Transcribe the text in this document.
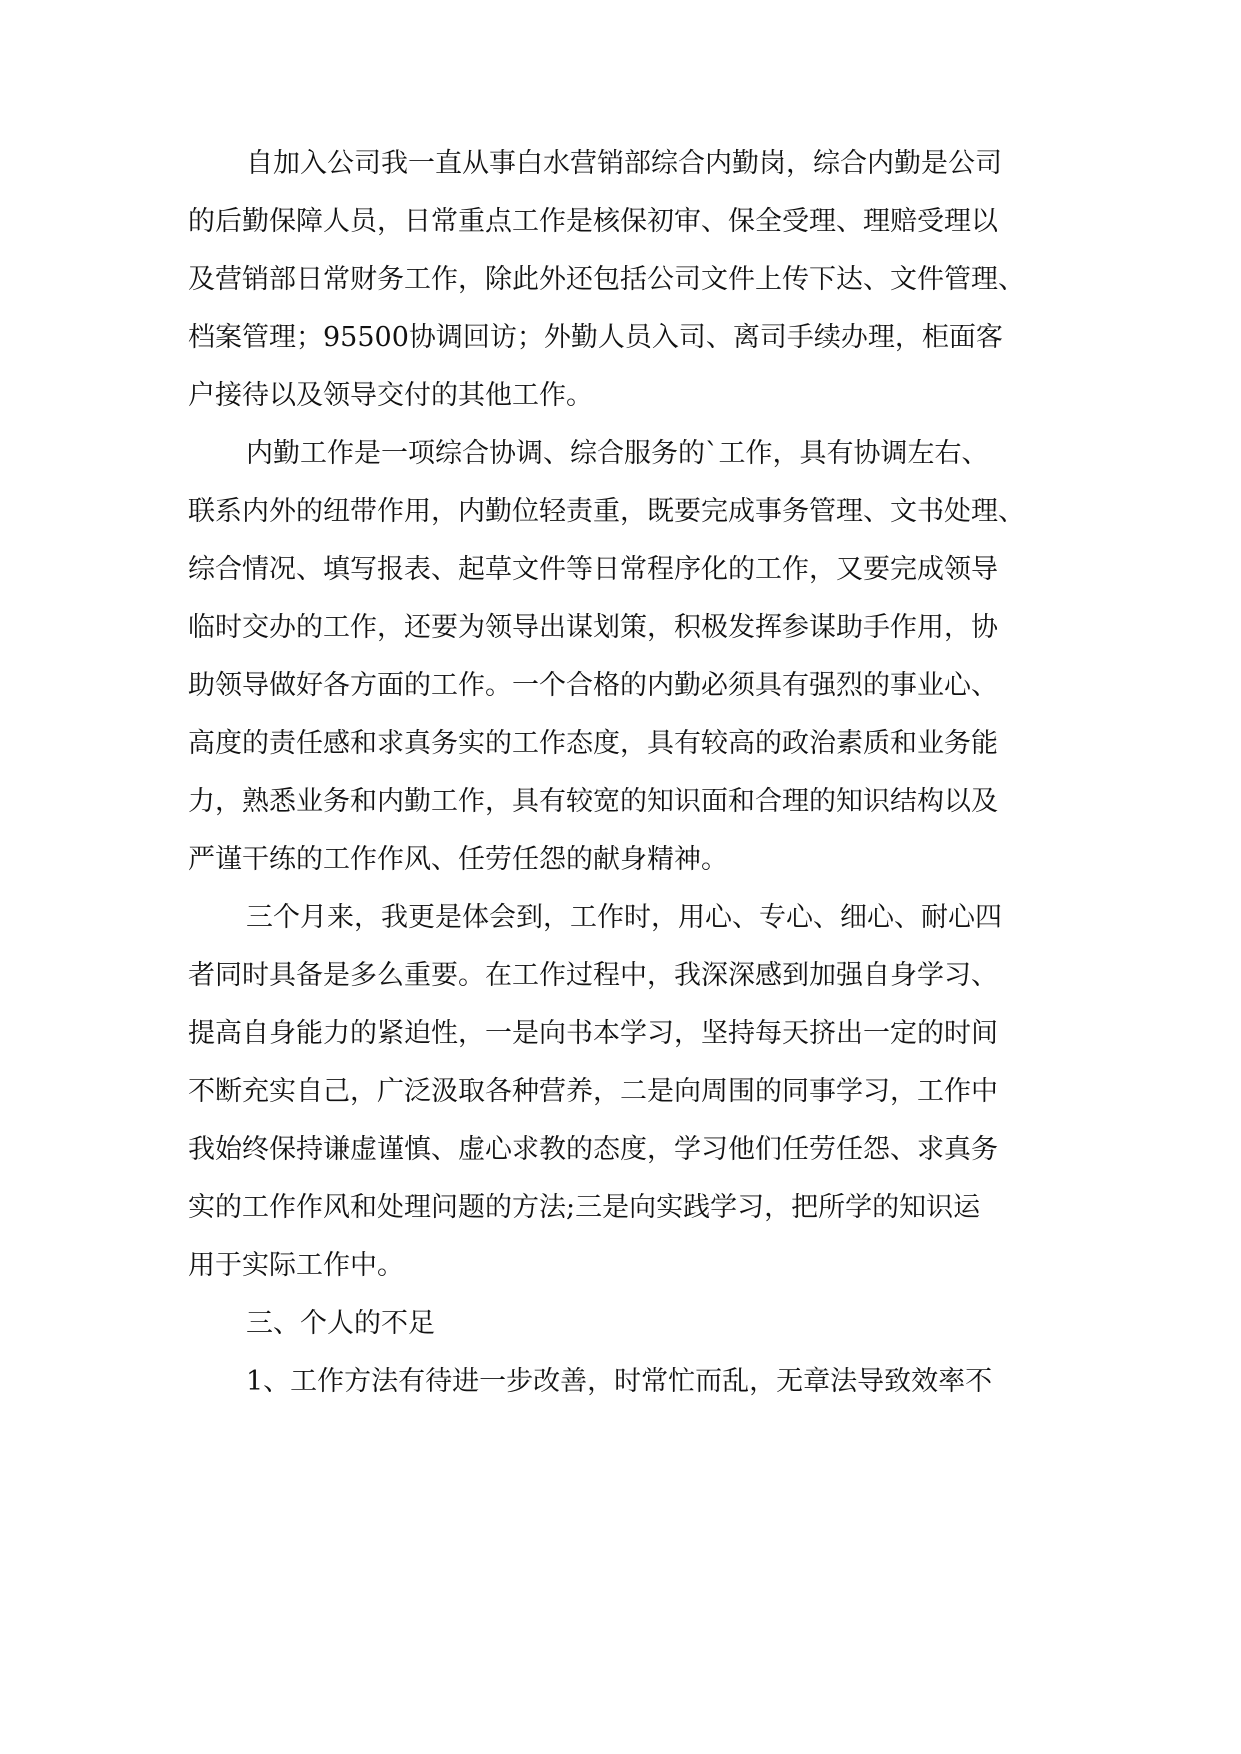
自加入公司我一直从事白水营销部综合内勤岗，综合内勤是公司

的后勤保障人员，日常重点工作是核保初审、保全受理、理赔受理以

及营销部日常财务工作，除此外还包括公司文件上传下达、文件管理、

档案管理；95500协调回访；外勤人员入司、离司手续办理，柜面客

户接待以及领导交付的其他工作。

内勤工作是一项综合协调、综合服务的`工作，具有协调左右、

联系内外的纽带作用，内勤位轻责重，既要完成事务管理、文书处理、

综合情况、填写报表、起草文件等日常程序化的工作，又要完成领导

临时交办的工作，还要为领导出谋划策，积极发挥参谋助手作用，协

助领导做好各方面的工作。一个合格的内勤必须具有强烈的事业心、

高度的责任感和求真务实的工作态度，具有较高的政治素质和业务能

力，熟悉业务和内勤工作，具有较宽的知识面和合理的知识结构以及

严谨干练的工作作风、任劳任怨的献身精神。

三个月来，我更是体会到，工作时，用心、专心、细心、耐心四

者同时具备是多么重要。在工作过程中，我深深感到加强自身学习、

提高自身能力的紧迫性，一是向书本学习，坚持每天挤出一定的时间

不断充实自己，广泛汲取各种营养，二是向周围的同事学习，工作中

我始终保持谦虚谨慎、虚心求教的态度，学习他们任劳任怨、求真务

实的工作作风和处理问题的方法;三是向实践学习，把所学的知识运

用于实际工作中。

三、个人的不足

1、工作方法有待进一步改善，时常忙而乱，无章法导致效率不
